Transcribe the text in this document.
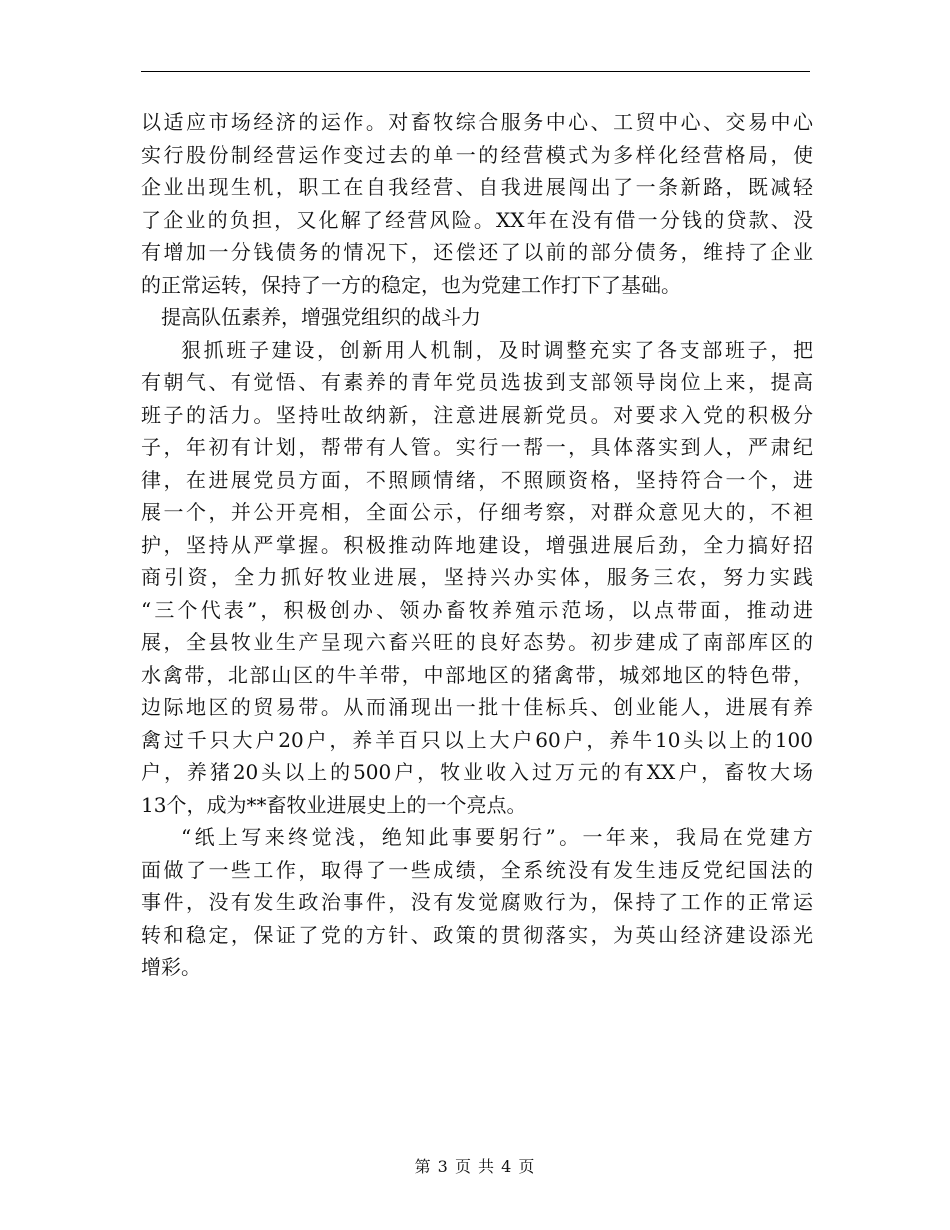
以适应市场经济的运作。对畜牧综合服务中心、工贸中心、交易中心
实行股份制经营运作变过去的单一的经营模式为多样化经营格局，使
企业出现生机，职工在自我经营、自我进展闯出了一条新路，既减轻
了企业的负担，又化解了经营风险。XX年在没有借一分钱的贷款、没
有增加一分钱债务的情况下，还偿还了以前的部分债务，维持了企业
的正常运转，保持了一方的稳定，也为党建工作打下了基础。
提高队伍素养，增强党组织的战斗力
狠抓班子建设，创新用人机制，及时调整充实了各支部班子，把
有朝气、有觉悟、有素养的青年党员选拔到支部领导岗位上来，提高
班子的活力。坚持吐故纳新，注意进展新党员。对要求入党的积极分
子，年初有计划，帮带有人管。实行一帮一，具体落实到人，严肃纪
律，在进展党员方面，不照顾情绪，不照顾资格，坚持符合一个，进
展一个，并公开亮相，全面公示，仔细考察，对群众意见大的，不袒
护，坚持从严掌握。积极推动阵地建设，增强进展后劲，全力搞好招
商引资，全力抓好牧业进展，坚持兴办实体，服务三农，努力实践
“三个代表”，积极创办、领办畜牧养殖示范场，以点带面，推动进
展，全县牧业生产呈现六畜兴旺的良好态势。初步建成了南部库区的
水禽带，北部山区的牛羊带，中部地区的猪禽带，城郊地区的特色带，
边际地区的贸易带。从而涌现出一批十佳标兵、创业能人，进展有养
禽过千只大户20户，养羊百只以上大户60户，养牛10头以上的100
户，养猪20头以上的500户，牧业收入过万元的有XX户，畜牧大场
13个，成为**畜牧业进展史上的一个亮点。
“纸上写来终觉浅，绝知此事要躬行”。一年来，我局在党建方
面做了一些工作，取得了一些成绩，全系统没有发生违反党纪国法的
事件，没有发生政治事件，没有发觉腐败行为，保持了工作的正常运
转和稳定，保证了党的方针、政策的贯彻落实，为英山经济建设添光
增彩。
第 3 页 共 4 页
